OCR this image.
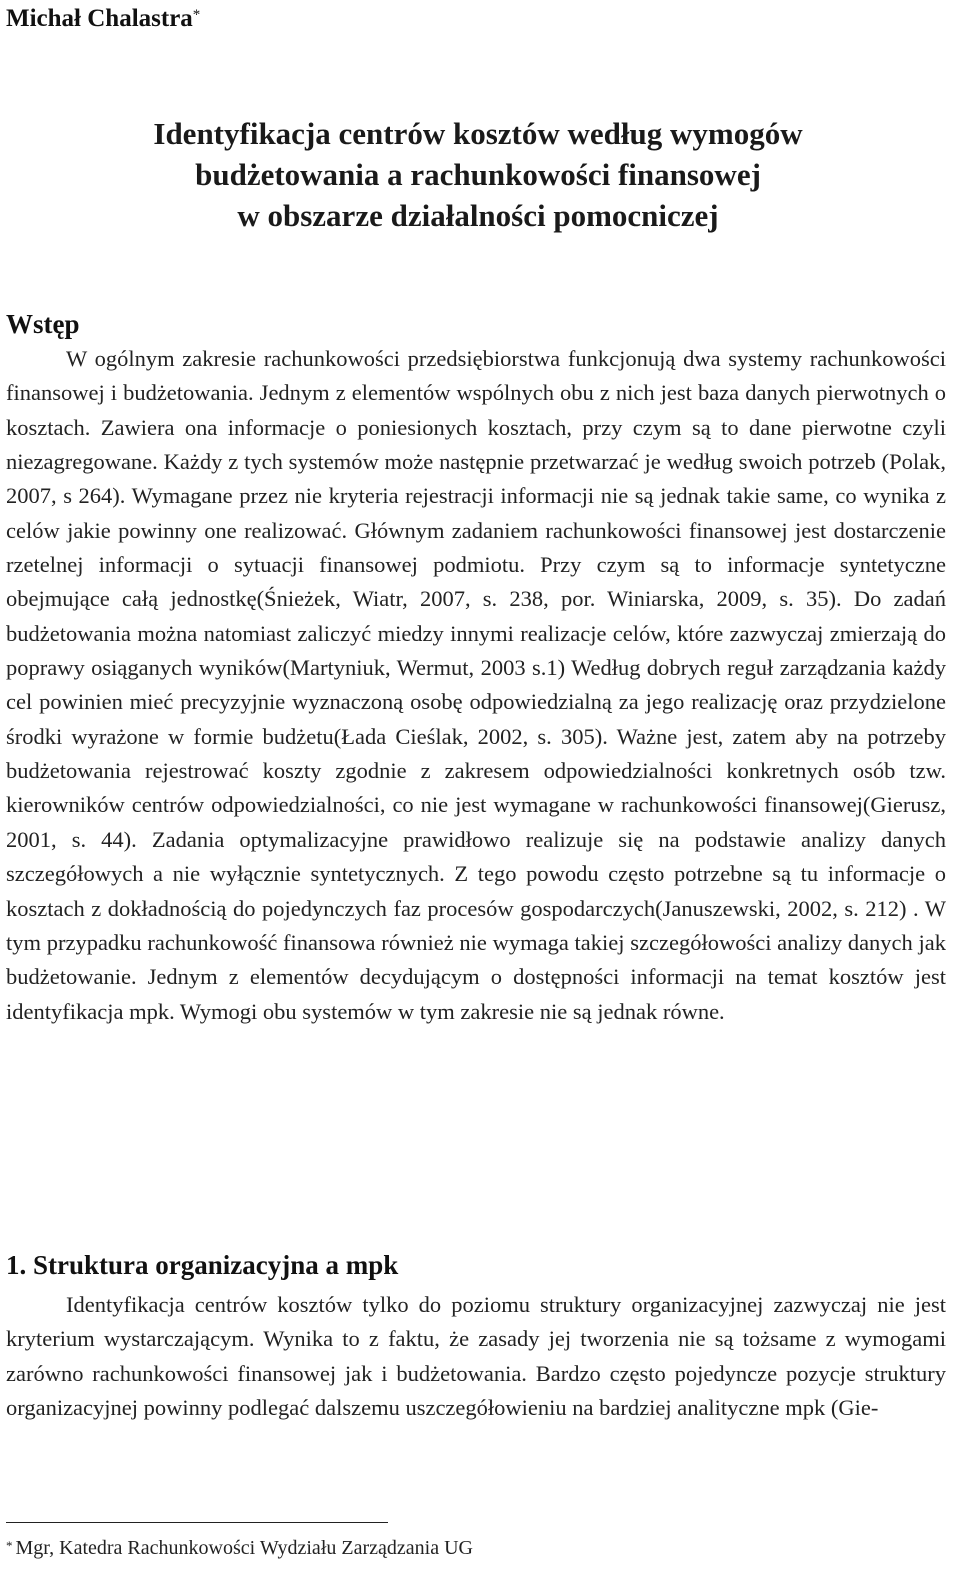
Michał Chalastra*
Identyfikacja centrów kosztów według wymogów
budżetowania a rachunkowości finansowej
w obszarze działalności pomocniczej
Wstęp
W ogólnym zakresie rachunkowości przedsiębiorstwa funkcjonują dwa systemy rachunkowości finansowej i budżetowania. Jednym z elementów wspólnych obu z nich jest baza danych pierwotnych o kosztach. Zawiera ona informacje o poniesionych kosztach, przy czym są to dane pierwotne czyli niezagregowane. Każdy z tych systemów może następnie przetwarzać je według swoich potrzeb (Polak, 2007, s 264). Wymagane przez nie kryteria rejestracji informacji nie są jednak takie same, co wynika z celów jakie powinny one realizować. Głównym zadaniem rachunkowości finansowej jest dostarczenie rzetelnej informacji o sytuacji finansowej podmiotu. Przy czym są to informacje syntetyczne obejmujące całą jednostkę(Śnieżek, Wiatr, 2007, s. 238, por. Winiarska, 2009, s. 35). Do zadań budżetowania można natomiast zaliczyć miedzy innymi realizacje celów, które zazwyczaj zmierzają do poprawy osiąganych wyników(Martyniuk, Wermut, 2003 s.1) Według dobrych reguł zarządzania każdy cel powinien mieć precyzyjnie wyznaczoną osobę odpowiedzialną za jego realizację oraz przydzielone środki wyrażone w formie budżetu(Łada Cieślak, 2002, s. 305). Ważne jest, zatem aby na potrzeby budżetowania rejestrować koszty zgodnie z zakresem odpowiedzialności konkretnych osób tzw. kierowników centrów odpowiedzialności, co nie jest wymagane w rachunkowości finansowej(Gierusz, 2001, s. 44). Zadania optymalizacyjne prawidłowo realizuje się na podstawie analizy danych szczegółowych a nie wyłącznie syntetycznych. Z tego powodu często potrzebne są tu informacje o kosztach z dokładnością do pojedynczych faz procesów gospodarczych(Januszewski, 2002, s. 212) . W tym przypadku rachunkowość finansowa również nie wymaga takiej szczegółowości analizy danych jak budżetowanie. Jednym z elementów decydującym o dostępności informacji na temat kosztów jest identyfikacja mpk. Wymogi obu systemów w tym zakresie nie są jednak równe.
1. Struktura organizacyjna a mpk
Identyfikacja centrów kosztów tylko do poziomu struktury organizacyjnej zazwyczaj nie jest kryterium wystarczającym. Wynika to z faktu, że zasady jej tworzenia nie są tożsame z wymogami zarówno rachunkowości finansowej jak i budżetowania. Bardzo często pojedyncze pozycje struktury organizacyjnej powinny podlegać dalszemu uszczegółowieniu na bardziej analityczne mpk (Gie-
* Mgr, Katedra Rachunkowości Wydziału Zarządzania UG
